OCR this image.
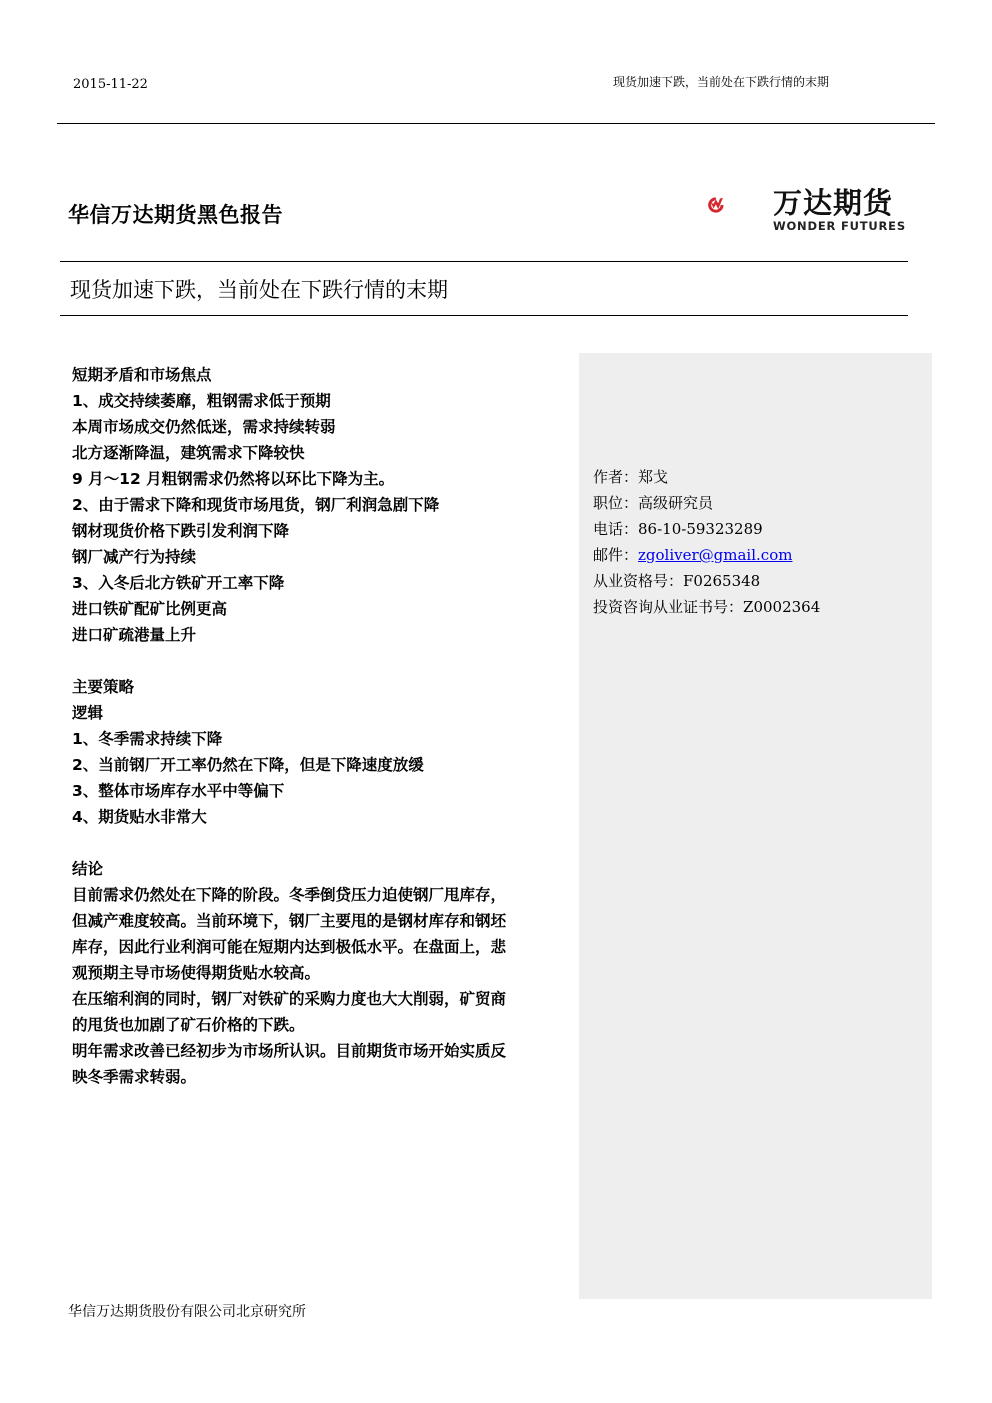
2015-11-22	现货加速下跌，当前处在下跌行情的末期
华信万达期货黑色报告	万达期货
WONDER FUTURES
现货加速下跌，当前处在下跌行情的末期
短期矛盾和市场焦点
1、成交持续萎靡，粗钢需求低于预期
本周市场成交仍然低迷，需求持续转弱
北方逐渐降温，建筑需求下降较快
9 月～12 月粗钢需求仍然将以环比下降为主。
2、由于需求下降和现货市场甩货，钢厂利润急剧下降
钢材现货价格下跌引发利润下降
钢厂减产行为持续
3、入冬后北方铁矿开工率下降
进口铁矿配矿比例更高
进口矿疏港量上升
主要策略
逻辑
1、冬季需求持续下降
2、当前钢厂开工率仍然在下降，但是下降速度放缓
3、整体市场库存水平中等偏下
4、期货贴水非常大
结论
目前需求仍然处在下降的阶段。冬季倒贷压力迫使钢厂甩库存，
但减产难度较高。当前环境下，钢厂主要甩的是钢材库存和钢坯
库存，因此行业利润可能在短期内达到极低水平。在盘面上，悲
观预期主导市场使得期货贴水较高。
在压缩利润的同时，钢厂对铁矿的采购力度也大大削弱，矿贸商
的甩货也加剧了矿石价格的下跌。
明年需求改善已经初步为市场所认识。目前期货市场开始实质反
映冬季需求转弱。
作者：郑戈
职位：高级研究员
电话：86-10-59323289
邮件：zgoliver@gmail.com
从业资格号：F0265348
投资咨询从业证书号：Z0002364
华信万达期货股份有限公司北京研究所
